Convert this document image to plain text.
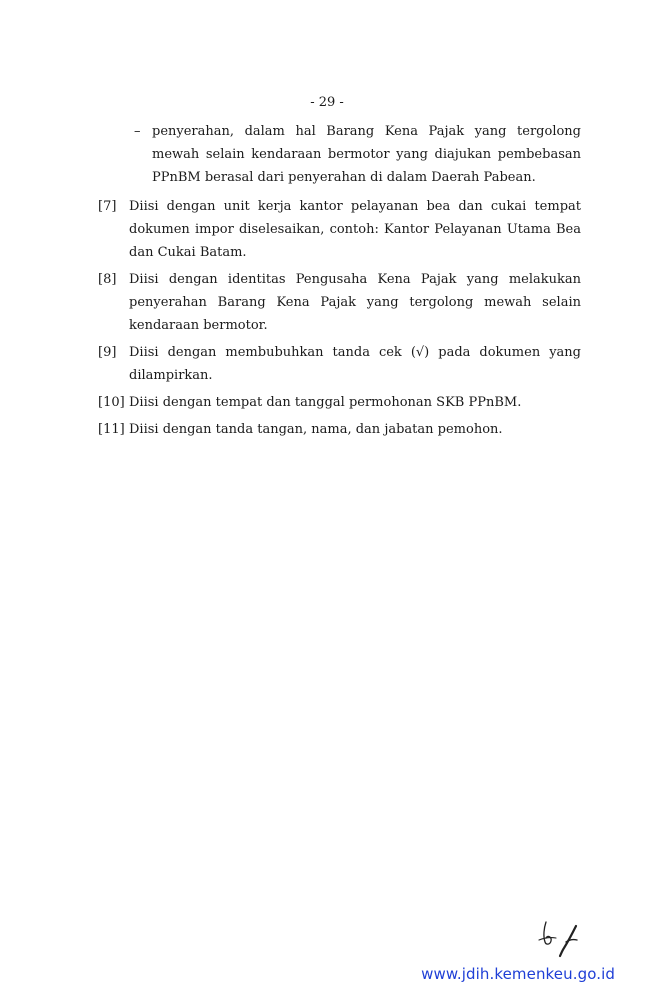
- 29 -
– penyerahan, dalam hal Barang Kena Pajak yang tergolong mewah selain kendaraan bermotor yang diajukan pembebasan PPnBM berasal dari penyerahan di dalam Daerah Pabean.
[7] Diisi dengan unit kerja kantor pelayanan bea dan cukai tempat dokumen impor diselesaikan, contoh: Kantor Pelayanan Utama Bea dan Cukai Batam.
[8] Diisi dengan identitas Pengusaha Kena Pajak yang melakukan penyerahan Barang Kena Pajak yang tergolong mewah selain kendaraan bermotor.
[9] Diisi dengan membubuhkan tanda cek (√) pada dokumen yang dilampirkan.
[10] Diisi dengan tempat dan tanggal permohonan SKB PPnBM.
[11] Diisi dengan tanda tangan, nama, dan jabatan pemohon.
www.jdih.kemenkeu.go.id
